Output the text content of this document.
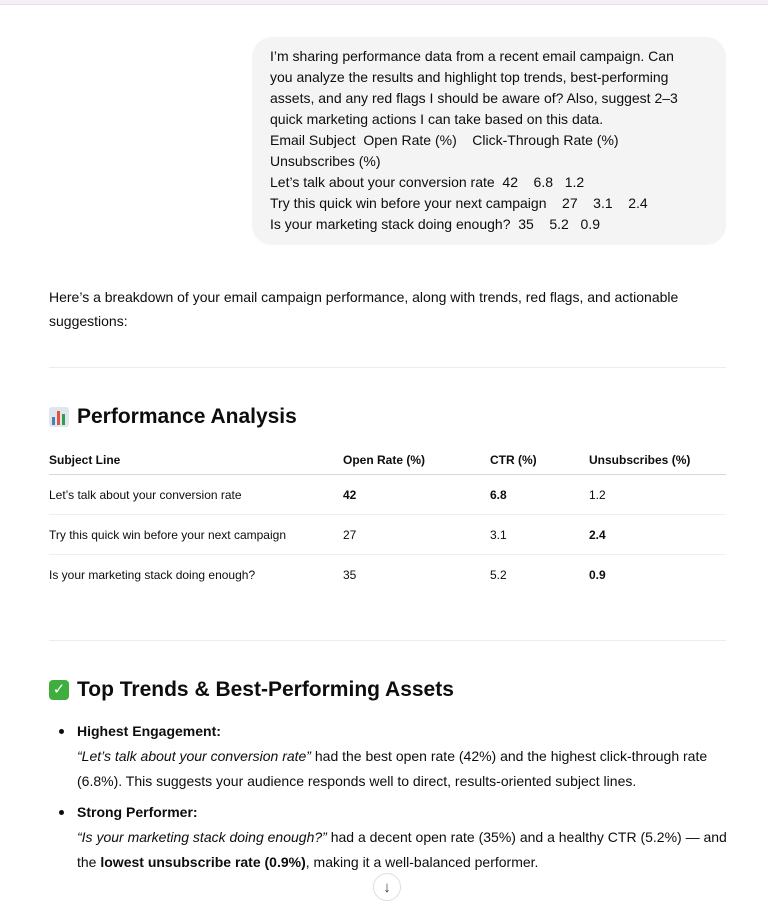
I’m sharing performance data from a recent email campaign. Can

you analyze the results and highlight top trends, best-performing

assets, and any red flags I should be aware of? Also, suggest 2–3

quick marketing actions I can take based on this data.

Email Subject  Open Rate (%)    Click-Through Rate (%)

Unsubscribes (%)

Let’s talk about your conversion rate  42    6.8   1.2

Try this quick win before your next campaign    27    3.1    2.4

Is your marketing stack doing enough?  35    5.2   0.9

Here’s a breakdown of your email campaign performance, along with trends, red flags, and actionable suggestions:

Performance Analysis
Subject Line	Open Rate (%)	CTR (%)	Unsubscribes (%)
Let’s talk about your conversion rate	42	6.8	1.2
Try this quick win before your next campaign	27	3.1	2.4
Is your marketing stack doing enough?	35	5.2	0.9
✓ Top Trends & Best-Performing Assets
Highest Engagement:
“Let’s talk about your conversion rate” had the best open rate (42%) and the highest click-through rate (6.8%). This suggests your audience responds well to direct, results-oriented subject lines.
Strong Performer:
“Is your marketing stack doing enough?” had a decent open rate (35%) and a healthy CTR (5.2%) — and the lowest unsubscribe rate (0.9%), making it a well-balanced performer.
↓
